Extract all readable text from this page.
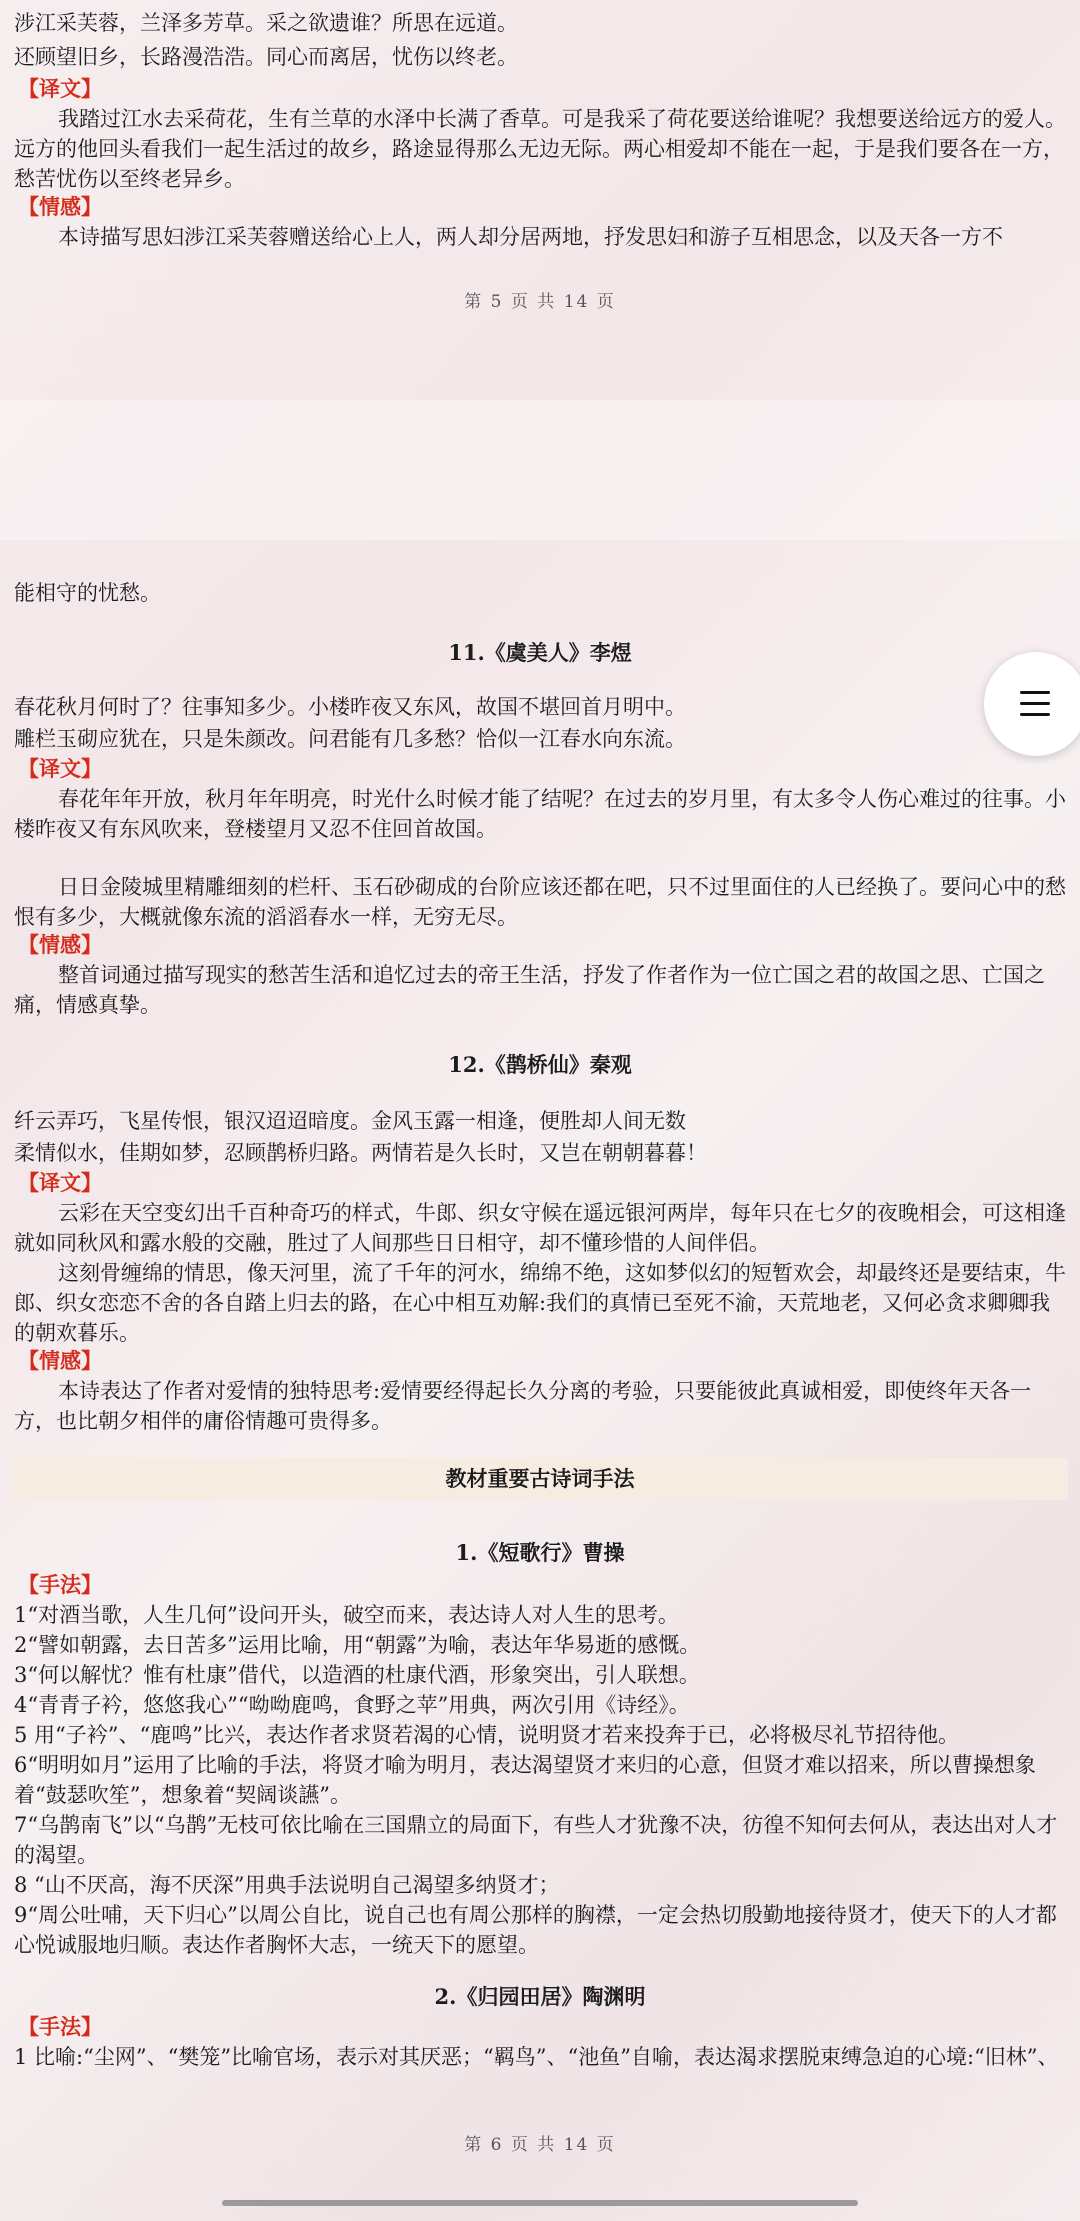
涉江采芙蓉，兰泽多芳草。采之欲遗谁？所思在远道。
还顾望旧乡，长路漫浩浩。同心而离居，忧伤以终老。
【译文】
我踏过江水去采荷花，生有兰草的水泽中长满了香草。可是我采了荷花要送给谁呢？我想要送给远方的爱人。远方的他回头看我们一起生活过的故乡，路途显得那么无边无际。两心相爱却不能在一起，于是我们要各在一方，愁苦忧伤以至终老异乡。
【情感】
本诗描写思妇涉江采芙蓉赠送给心上人，两人却分居两地，抒发思妇和游子互相思念，以及天各一方不
第 5 页 共 14 页
能相守的忧愁。
11.《虞美人》李煜
春花秋月何时了？往事知多少。小楼昨夜又东风，故国不堪回首月明中。
雕栏玉砌应犹在，只是朱颜改。问君能有几多愁？恰似一江春水向东流。
【译文】
春花年年开放，秋月年年明亮，时光什么时候才能了结呢？在过去的岁月里，有太多令人伤心难过的往事。小楼昨夜又有东风吹来，登楼望月又忍不住回首故国。
日日金陵城里精雕细刻的栏杆、玉石砂砌成的台阶应该还都在吧，只不过里面住的人已经换了。要问心中的愁恨有多少，大概就像东流的滔滔春水一样，无穷无尽。
【情感】
整首词通过描写现实的愁苦生活和追忆过去的帝王生活，抒发了作者作为一位亡国之君的故国之思、亡国之痛，情感真挚。
12.《鹊桥仙》秦观
纤云弄巧，飞星传恨，银汉迢迢暗度。金风玉露一相逢，便胜却人间无数
柔情似水，佳期如梦，忍顾鹊桥归路。两情若是久长时，又岂在朝朝暮暮！
【译文】
云彩在天空变幻出千百种奇巧的样式，牛郎、织女守候在遥远银河两岸，每年只在七夕的夜晚相会，可这相逢就如同秋风和露水般的交融，胜过了人间那些日日相守，却不懂珍惜的人间伴侣。
这刻骨缠绵的情思，像天河里，流了千年的河水，绵绵不绝，这如梦似幻的短暂欢会，却最终还是要结束，牛郎、织女恋恋不舍的各自踏上归去的路，在心中相互劝解:我们的真情已至死不渝，天荒地老，又何必贪求卿卿我的朝欢暮乐。
【情感】
本诗表达了作者对爱情的独特思考:爱情要经得起长久分离的考验，只要能彼此真诚相爱，即使终年天各一方，也比朝夕相伴的庸俗情趣可贵得多。
教材重要古诗词手法
1.《短歌行》曹操
【手法】
1“对酒当歌，人生几何”设问开头，破空而来，表达诗人对人生的思考。
2“譬如朝露，去日苦多”运用比喻，用“朝露”为喻，表达年华易逝的感慨。
3“何以解忧？惟有杜康”借代，以造酒的杜康代酒，形象突出，引人联想。
4“青青子衿，悠悠我心”“呦呦鹿鸣，食野之苹”用典，两次引用《诗经》。
5 用“子衿”、“鹿鸣”比兴，表达作者求贤若渴的心情，说明贤才若来投奔于已，必将极尽礼节招待他。
6“明明如月”运用了比喻的手法，将贤才喻为明月，表达渴望贤才来归的心意，但贤才难以招来，所以曹操想象着“鼓瑟吹笙”，想象着“契阔谈讌”。
7“乌鹊南飞”以“乌鹊”无枝可依比喻在三国鼎立的局面下，有些人才犹豫不决，彷徨不知何去何从，表达出对人才的渴望。
8 “山不厌高，海不厌深”用典手法说明自己渴望多纳贤才；
9“周公吐哺，天下归心”以周公自比，说自己也有周公那样的胸襟，一定会热切殷勤地接待贤才，使天下的人才都心悦诚服地归顺。表达作者胸怀大志，一统天下的愿望。
2.《归园田居》陶渊明
【手法】
1 比喻:“尘网”、“樊笼”比喻官场，表示对其厌恶；“羁鸟”、“池鱼”自喻，表达渴求摆脱束缚急迫的心境:“旧林”、
第 6 页 共 14 页
